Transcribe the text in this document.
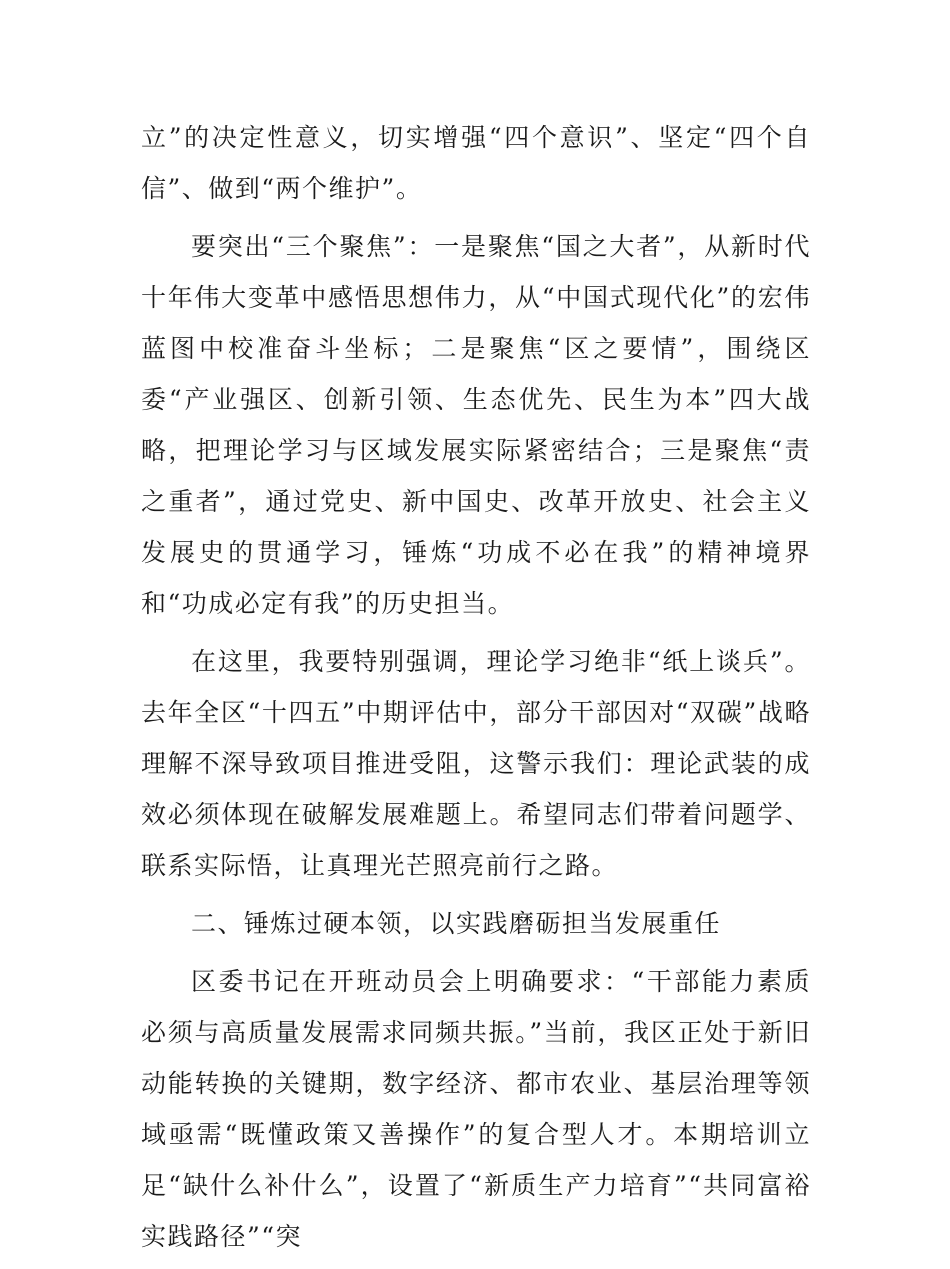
立”的决定性意义，切实增强“四个意识”、坚定“四个自信”、做到“两个维护”。

要突出“三个聚焦”：一是聚焦“国之大者”，从新时代十年伟大变革中感悟思想伟力，从“中国式现代化”的宏伟蓝图中校准奋斗坐标；二是聚焦“区之要情”，围绕区委“产业强区、创新引领、生态优先、民生为本”四大战略，把理论学习与区域发展实际紧密结合；三是聚焦“责之重者”，通过党史、新中国史、改革开放史、社会主义发展史的贯通学习，锤炼“功成不必在我”的精神境界和“功成必定有我”的历史担当。

在这里，我要特别强调，理论学习绝非“纸上谈兵”。去年全区“十四五”中期评估中，部分干部因对“双碳”战略理解不深导致项目推进受阻，这警示我们：理论武装的成效必须体现在破解发展难题上。希望同志们带着问题学、联系实际悟，让真理光芒照亮前行之路。

二、锤炼过硬本领，以实践磨砺担当发展重任

区委书记在开班动员会上明确要求：“干部能力素质必须与高质量发展需求同频共振。”当前，我区正处于新旧动能转换的关键期，数字经济、都市农业、基层治理等领域亟需“既懂政策又善操作”的复合型人才。本期培训立足“缺什么补什么”，设置了“新质生产力培育”“共同富裕实践路径”“突
